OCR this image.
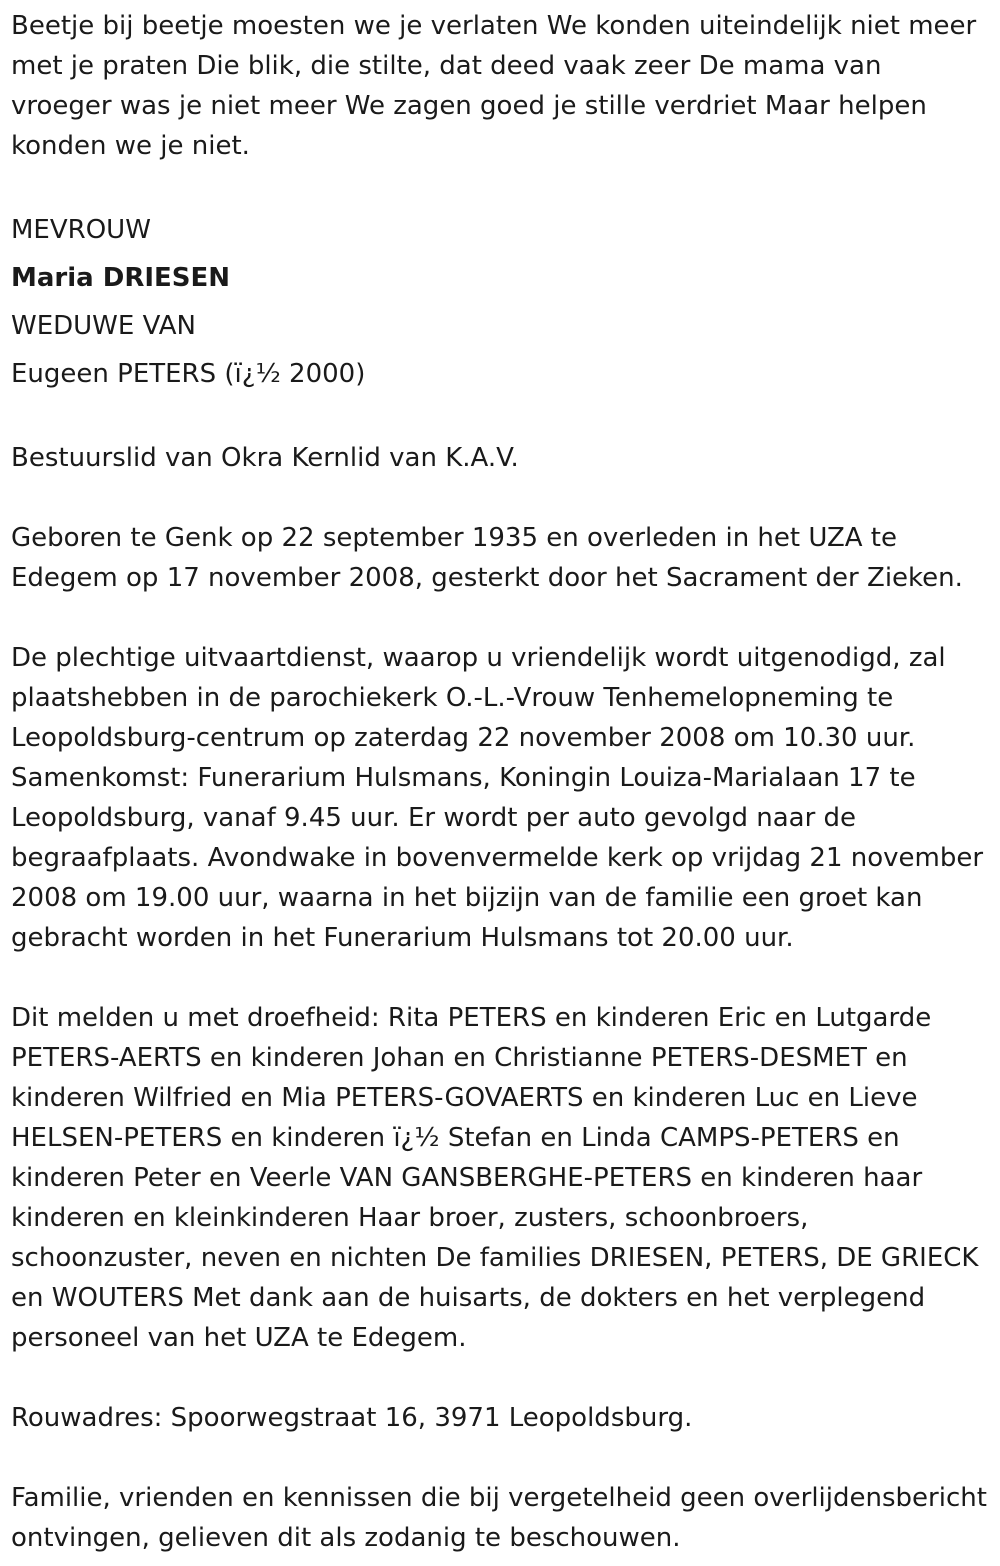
Beetje bij beetje moesten we je verlaten We konden uiteindelijk niet meer met je praten Die blik, die stilte, dat deed vaak zeer De mama van vroeger was je niet meer We zagen goed je stille verdriet Maar helpen konden we je niet.

MEVROUW

Maria DRIESEN

WEDUWE VAN

Eugeen PETERS (ï¿½ 2000)

Bestuurslid van Okra Kernlid van K.A.V.

Geboren te Genk op 22 september 1935 en overleden in het UZA te Edegem op 17 november 2008, gesterkt door het Sacrament der Zieken.

De plechtige uitvaartdienst, waarop u vriendelijk wordt uitgenodigd, zal plaatshebben in de parochiekerk O.-L.-Vrouw Tenhemelopneming te Leopoldsburg-centrum op zaterdag 22 november 2008 om 10.30 uur. Samenkomst: Funerarium Hulsmans, Koningin Louiza-Marialaan 17 te Leopoldsburg, vanaf 9.45 uur. Er wordt per auto gevolgd naar de begraafplaats. Avondwake in bovenvermelde kerk op vrijdag 21 november 2008 om 19.00 uur, waarna in het bijzijn van de familie een groet kan gebracht worden in het Funerarium Hulsmans tot 20.00 uur.

Dit melden u met droefheid: Rita PETERS en kinderen Eric en Lutgarde PETERS-AERTS en kinderen Johan en Christianne PETERS-DESMET en kinderen Wilfried en Mia PETERS-GOVAERTS en kinderen Luc en Lieve HELSEN-PETERS en kinderen ï¿½ Stefan en Linda CAMPS-PETERS en kinderen Peter en Veerle VAN GANSBERGHE-PETERS en kinderen haar kinderen en kleinkinderen Haar broer, zusters, schoonbroers, schoonzuster, neven en nichten De families DRIESEN, PETERS, DE GRIECK en WOUTERS Met dank aan de huisarts, de dokters en het verplegend personeel van het UZA te Edegem.

Rouwadres: Spoorwegstraat 16, 3971 Leopoldsburg.

Familie, vrienden en kennissen die bij vergetelheid geen overlijdensbericht ontvingen, gelieven dit als zodanig te beschouwen.
